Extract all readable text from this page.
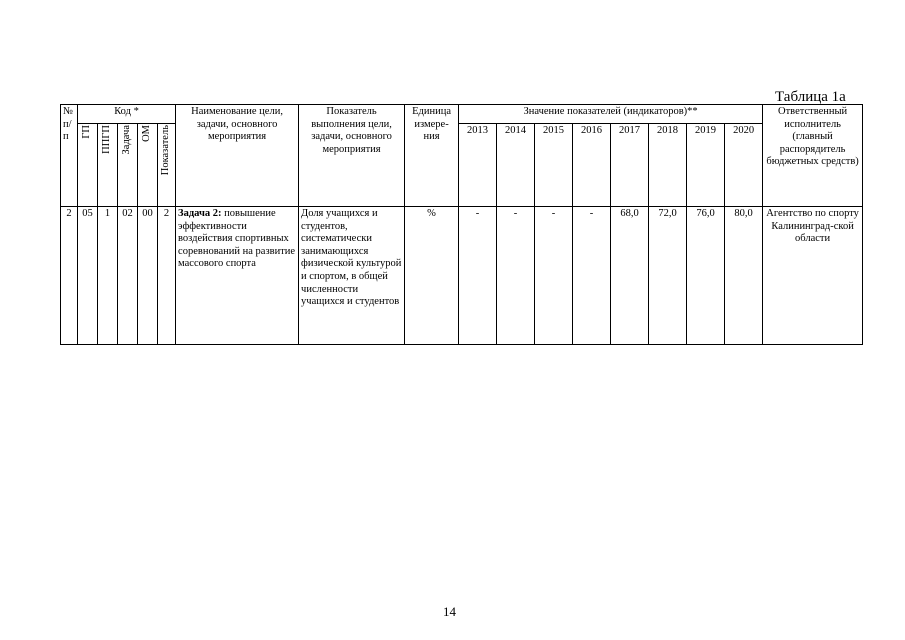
Таблица 1а
№ п/п	Код *					Наименование цели, задачи, основного мероприятия	Показатель выполнения цели, задачи, основного мероприятия	Единица измере-ния	Значение показателей (индикаторов)**								Ответственный исполнитель (главный распорядитель бюджетных средств)
	ГП	ППГП	Задача	ОМ	Показатель				2013	2014	2015	2016	2017	2018	2019	2020	
2	05	1	02	00	2	Задача 2: повышение эффективности воздействия спортивных соревнований на развитие массового спорта	Доля учащихся и студентов, систематически занимающихся физической культурой и спортом, в общей численности учащихся и студентов	%	-	-	-	-	68,0	72,0	76,0	80,0	Агентство по спорту Калининград-ской области
14
